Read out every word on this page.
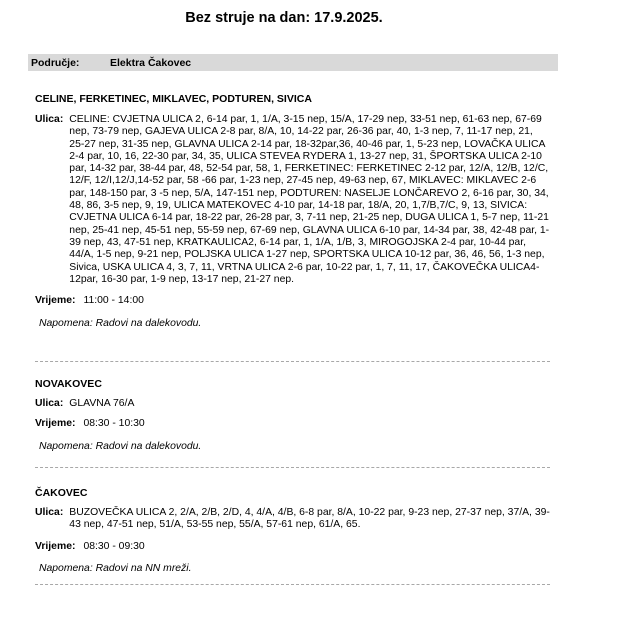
Bez struje na dan: 17.9.2025.
Područje:	Elektra Čakovec
CELINE, FERKETINEC, MIKLAVEC, PODTUREN, SIVICA
Ulica: CELINE: CVJETNA ULICA 2, 6-14 par, 1, 1/A, 3-15 nep, 15/A, 17-29 nep, 33-51 nep, 61-63 nep, 67-69 nep, 73-79 nep, GAJEVA ULICA 2-8 par, 8/A, 10, 14-22 par, 26-36 par, 40, 1-3 nep, 7, 11-17 nep, 21, 25-27 nep, 31-35 nep, GLAVNA ULICA 2-14 par, 18-32par,36, 40-46 par, 1, 5-23 nep, LOVAČKA ULICA 2-4 par, 10, 16, 22-30 par, 34, 35, ULICA STEVEA RYDERA 1, 13-27 nep, 31, ŠPORTSKA ULICA 2-10 par, 14-32 par, 38-44 par, 48, 52-54 par, 58, 1, FERKETINEC: FERKETINEC 2-12 par, 12/A, 12/B, 12/C, 12/F, 12/I,12/J,14-52 par, 58 -66 par, 1-23 nep, 27-45 nep, 49-63 nep, 67, MIKLAVEC: MIKLAVEC 2-6 par, 148-150 par, 3 -5 nep, 5/A, 147-151 nep, PODTUREN: NASELJE LONČAREVO 2, 6-16 par, 30, 34, 48, 86, 3-5 nep, 9, 19, ULICA MATEKOVEC 4-10 par, 14-18 par, 18/A, 20, 1,7/B,7/C, 9, 13, SIVICA: CVJETNA ULICA 6-14 par, 18-22 par, 26-28 par, 3, 7-11 nep, 21-25 nep, DUGA ULICA 1, 5-7 nep, 11-21 nep, 25-41 nep, 45-51 nep, 55-59 nep, 67-69 nep, GLAVNA ULICA 6-10 par, 14-34 par, 38, 42-48 par, 1-39 nep, 43, 47-51 nep, KRATKAULICA2, 6-14 par, 1, 1/A, 1/B, 3, MIROGOJSKA 2-4 par, 10-44 par, 44/A, 1-5 nep, 9-21 nep, POLJSKA ULICA 1-27 nep, SPORTSKA ULICA 10-12 par, 36, 46, 56, 1-3 nep, Sivica, USKA ULICA 4, 3, 7, 11, VRTNA ULICA 2-6 par, 10-22 par, 1, 7, 11, 17, ČAKOVEČKA ULICA4-12par, 16-30 par, 1-9 nep, 13-17 nep, 21-27 nep.
Vrijeme: 11:00 - 14:00
Napomena: Radovi na dalekovodu.
NOVAKOVEC
Ulica: GLAVNA 76/A
Vrijeme: 08:30 - 10:30
Napomena: Radovi na dalekovodu.
ČAKOVEC
Ulica: BUZOVEČKA ULICA 2, 2/A, 2/B, 2/D, 4, 4/A, 4/B, 6-8 par, 8/A, 10-22 par, 9-23 nep, 27-37 nep, 37/A, 39-43 nep, 47-51 nep, 51/A, 53-55 nep, 55/A, 57-61 nep, 61/A, 65.
Vrijeme: 08:30 - 09:30
Napomena: Radovi na NN mreži.
